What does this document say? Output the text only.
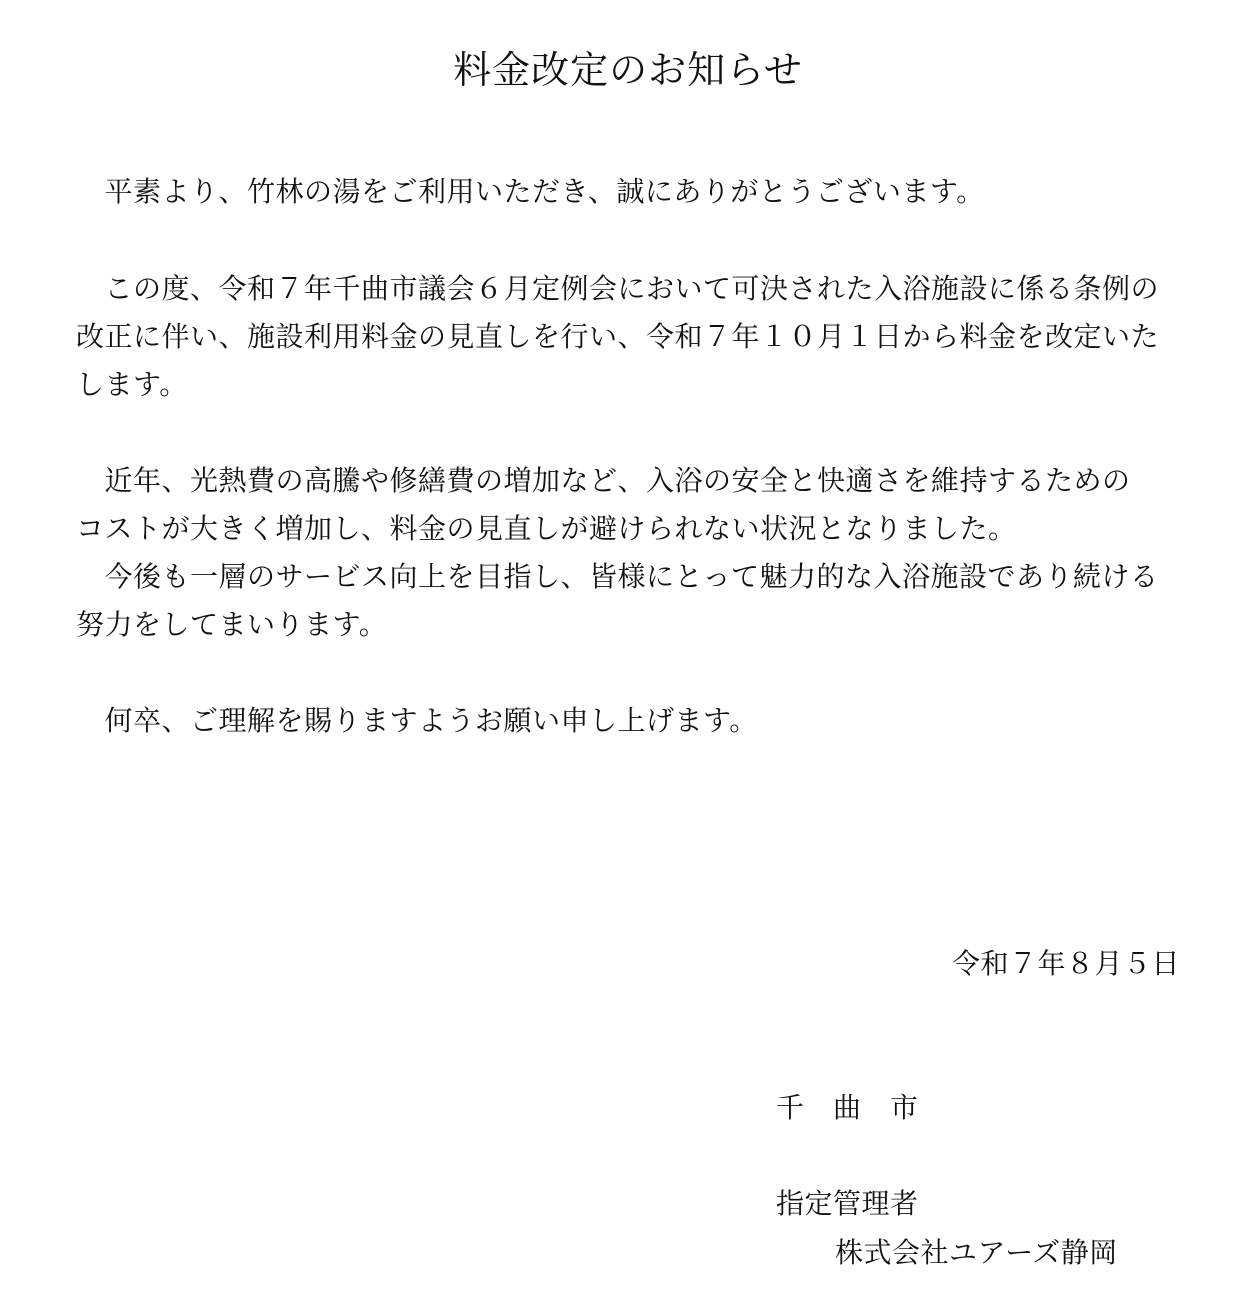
料金改定のお知らせ
　平素より、竹林の湯をご利用いただき、誠にありがとうございます。
　この度、令和７年千曲市議会６月定例会において可決された入浴施設に係る条例の
改正に伴い、施設利用料金の見直しを行い、令和７年１０月１日から料金を改定いた
します。
　近年、光熱費の高騰や修繕費の増加など、入浴の安全と快適さを維持するための
コストが大きく増加し、料金の見直しが避けられない状況となりました。
　今後も一層のサービス向上を目指し、皆様にとって魅力的な入浴施設であり続ける
努力をしてまいります。
　何卒、ご理解を賜りますようお願い申し上げます。
令和７年８月５日
千　曲　市
指定管理者
株式会社ユアーズ静岡
